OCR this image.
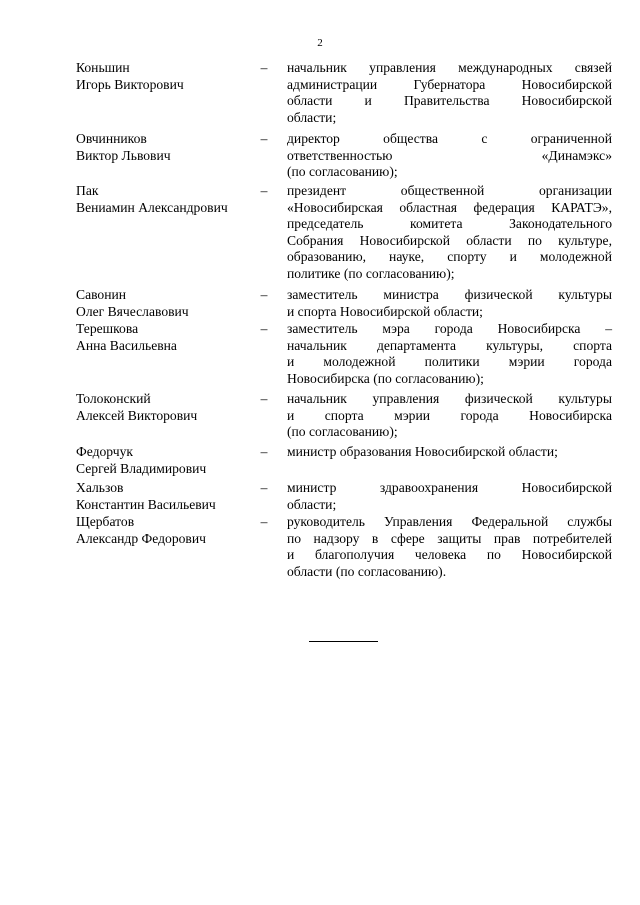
2
Коньшин
Игорь Викторович
– начальник управления международных связей
администрации Губернатора Новосибирской
области и Правительства Новосибирской
области;
Овчинников
Виктор Львович
– директор общества с ограниченной
ответственностью «Динамэкс»
(по согласованию);
Пак
Вениамин Александрович
– президент общественной организации
«Новосибирская областная федерация КАРАТЭ»,
председатель комитета Законодательного
Собрания Новосибирской области по культуре,
образованию, науке, спорту и молодежной
политике (по согласованию);
Савонин
Олег Вячеславович
– заместитель министра физической культуры
и спорта Новосибирской области;
Терешкова
Анна Васильевна
– заместитель мэра города Новосибирска –
начальник департамента культуры, спорта
и молодежной политики мэрии города
Новосибирска (по согласованию);
Толоконский
Алексей Викторович
– начальник управления физической культуры
и спорта мэрии города Новосибирска
(по согласованию);
Федорчук
Сергей Владимирович
– министр образования Новосибирской области;
Хальзов
Константин Васильевич
– министр здравоохранения Новосибирской
области;
Щербатов
Александр Федорович
– руководитель Управления Федеральной службы
по надзору в сфере защиты прав потребителей
и благополучия человека по Новосибирской
области (по согласованию).
